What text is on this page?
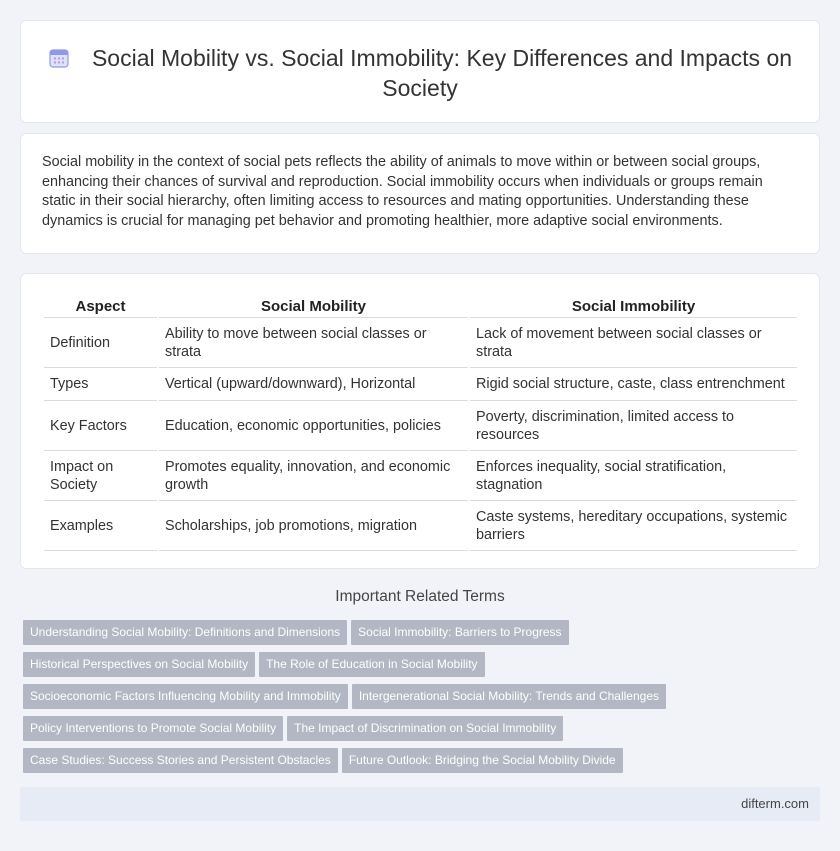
Social Mobility vs. Social Immobility: Key Differences and Impacts on Society

Social mobility in the context of social pets reflects the ability of animals to move within or between social groups, enhancing their chances of survival and reproduction. Social immobility occurs when individuals or groups remain static in their social hierarchy, often limiting access to resources and mating opportunities. Understanding these dynamics is crucial for managing pet behavior and promoting healthier, more adaptive social environments.

Aspect	Social Mobility	Social Immobility
Definition	Ability to move between social classes or strata	Lack of movement between social classes or strata
Types	Vertical (upward/downward), Horizontal	Rigid social structure, caste, class entrenchment
Key Factors	Education, economic opportunities, policies	Poverty, discrimination, limited access to resources
Impact on Society	Promotes equality, innovation, and economic growth	Enforces inequality, social stratification, stagnation
Examples	Scholarships, job promotions, migration	Caste systems, hereditary occupations, systemic barriers
Important Related Terms
Understanding Social Mobility: Definitions and Dimensions Social Immobility: Barriers to Progress
Historical Perspectives on Social Mobility The Role of Education in Social Mobility
Socioeconomic Factors Influencing Mobility and Immobility Intergenerational Social Mobility: Trends and Challenges
Policy Interventions to Promote Social Mobility The Impact of Discrimination on Social Immobility
Case Studies: Success Stories and Persistent Obstacles Future Outlook: Bridging the Social Mobility Divide
difterm.com
